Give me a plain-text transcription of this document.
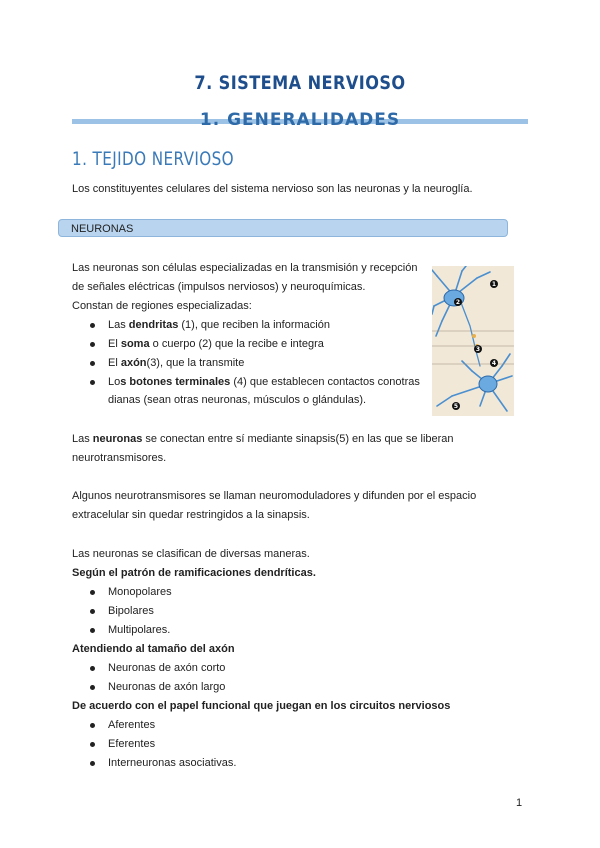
7. SISTEMA NERVIOSO
1. GENERALIDADES
1. TEJIDO NERVIOSO
Los constituyentes celulares del sistema nervioso son las neuronas y la neuroglía.
NEURONAS
Las neuronas son células especializadas en la transmisión y recepción
de señales eléctricas (impulsos nerviosos) y neuroquímicas.
Constan de regiones especializadas:
Las dendritas (1), que reciben la información
El soma o cuerpo (2) que la recibe e integra
El axón(3), que la transmite
Los botones terminales (4) que establecen contactos conotras
dianas (sean otras neuronas, músculos o glándulas).
1
2
3
4
5
Las neuronas se conectan entre sí mediante sinapsis(5) en las que se liberan
neurotransmisores.
Algunos neurotransmisores se llaman neuromoduladores y difunden por el espacio
extracelular sin quedar restringidos a la sinapsis.
Las neuronas se clasifican de diversas maneras.
Según el patrón de ramificaciones dendríticas.
Monopolares
Bipolares
Multipolares.
Atendiendo al tamaño del axón
Neuronas de axón corto
Neuronas de axón largo
De acuerdo con el papel funcional que juegan en los circuitos nerviosos
Aferentes
Eferentes
Interneuronas asociativas.
1
